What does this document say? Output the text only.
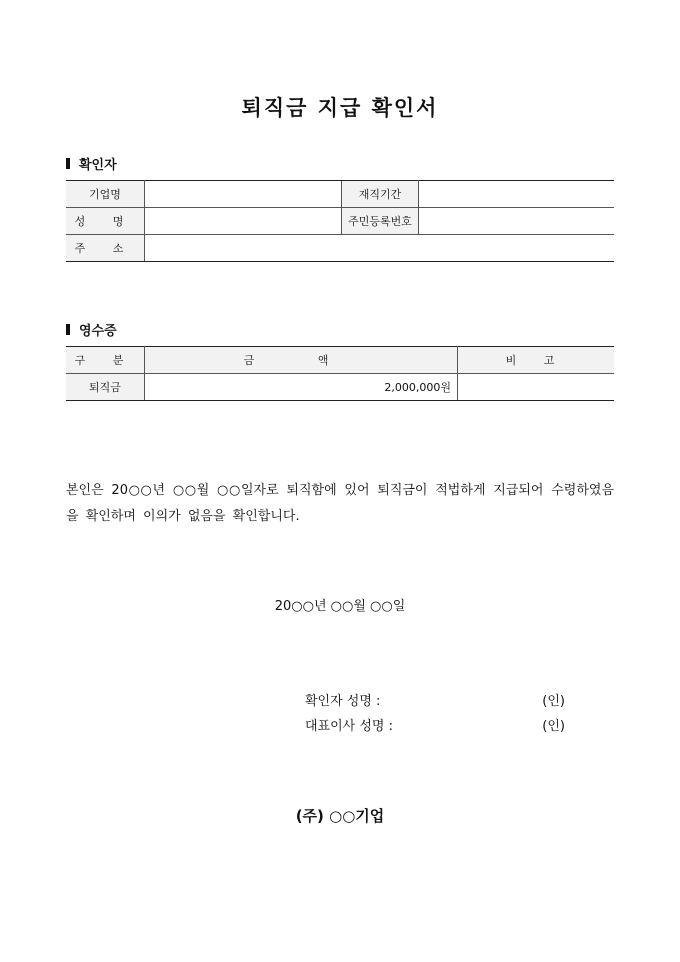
퇴직금 지급 확인서
확인자
기업명		재직기간	
성 명		주민등록번호	
주 소			
영수증
구 분	금 액	비 고
퇴직금	2,000,000원	
본인은 20○○년 ○○월 ○○일자로 퇴직함에 있어 퇴직금이 적법하게 지급되어 수령하였음을 확인하며 이의가 없음을 확인합니다.
20○○년 ○○월 ○○일
확인자 성명 :	(인)
대표이사 성명 :	(인)
(주) ○○기업
